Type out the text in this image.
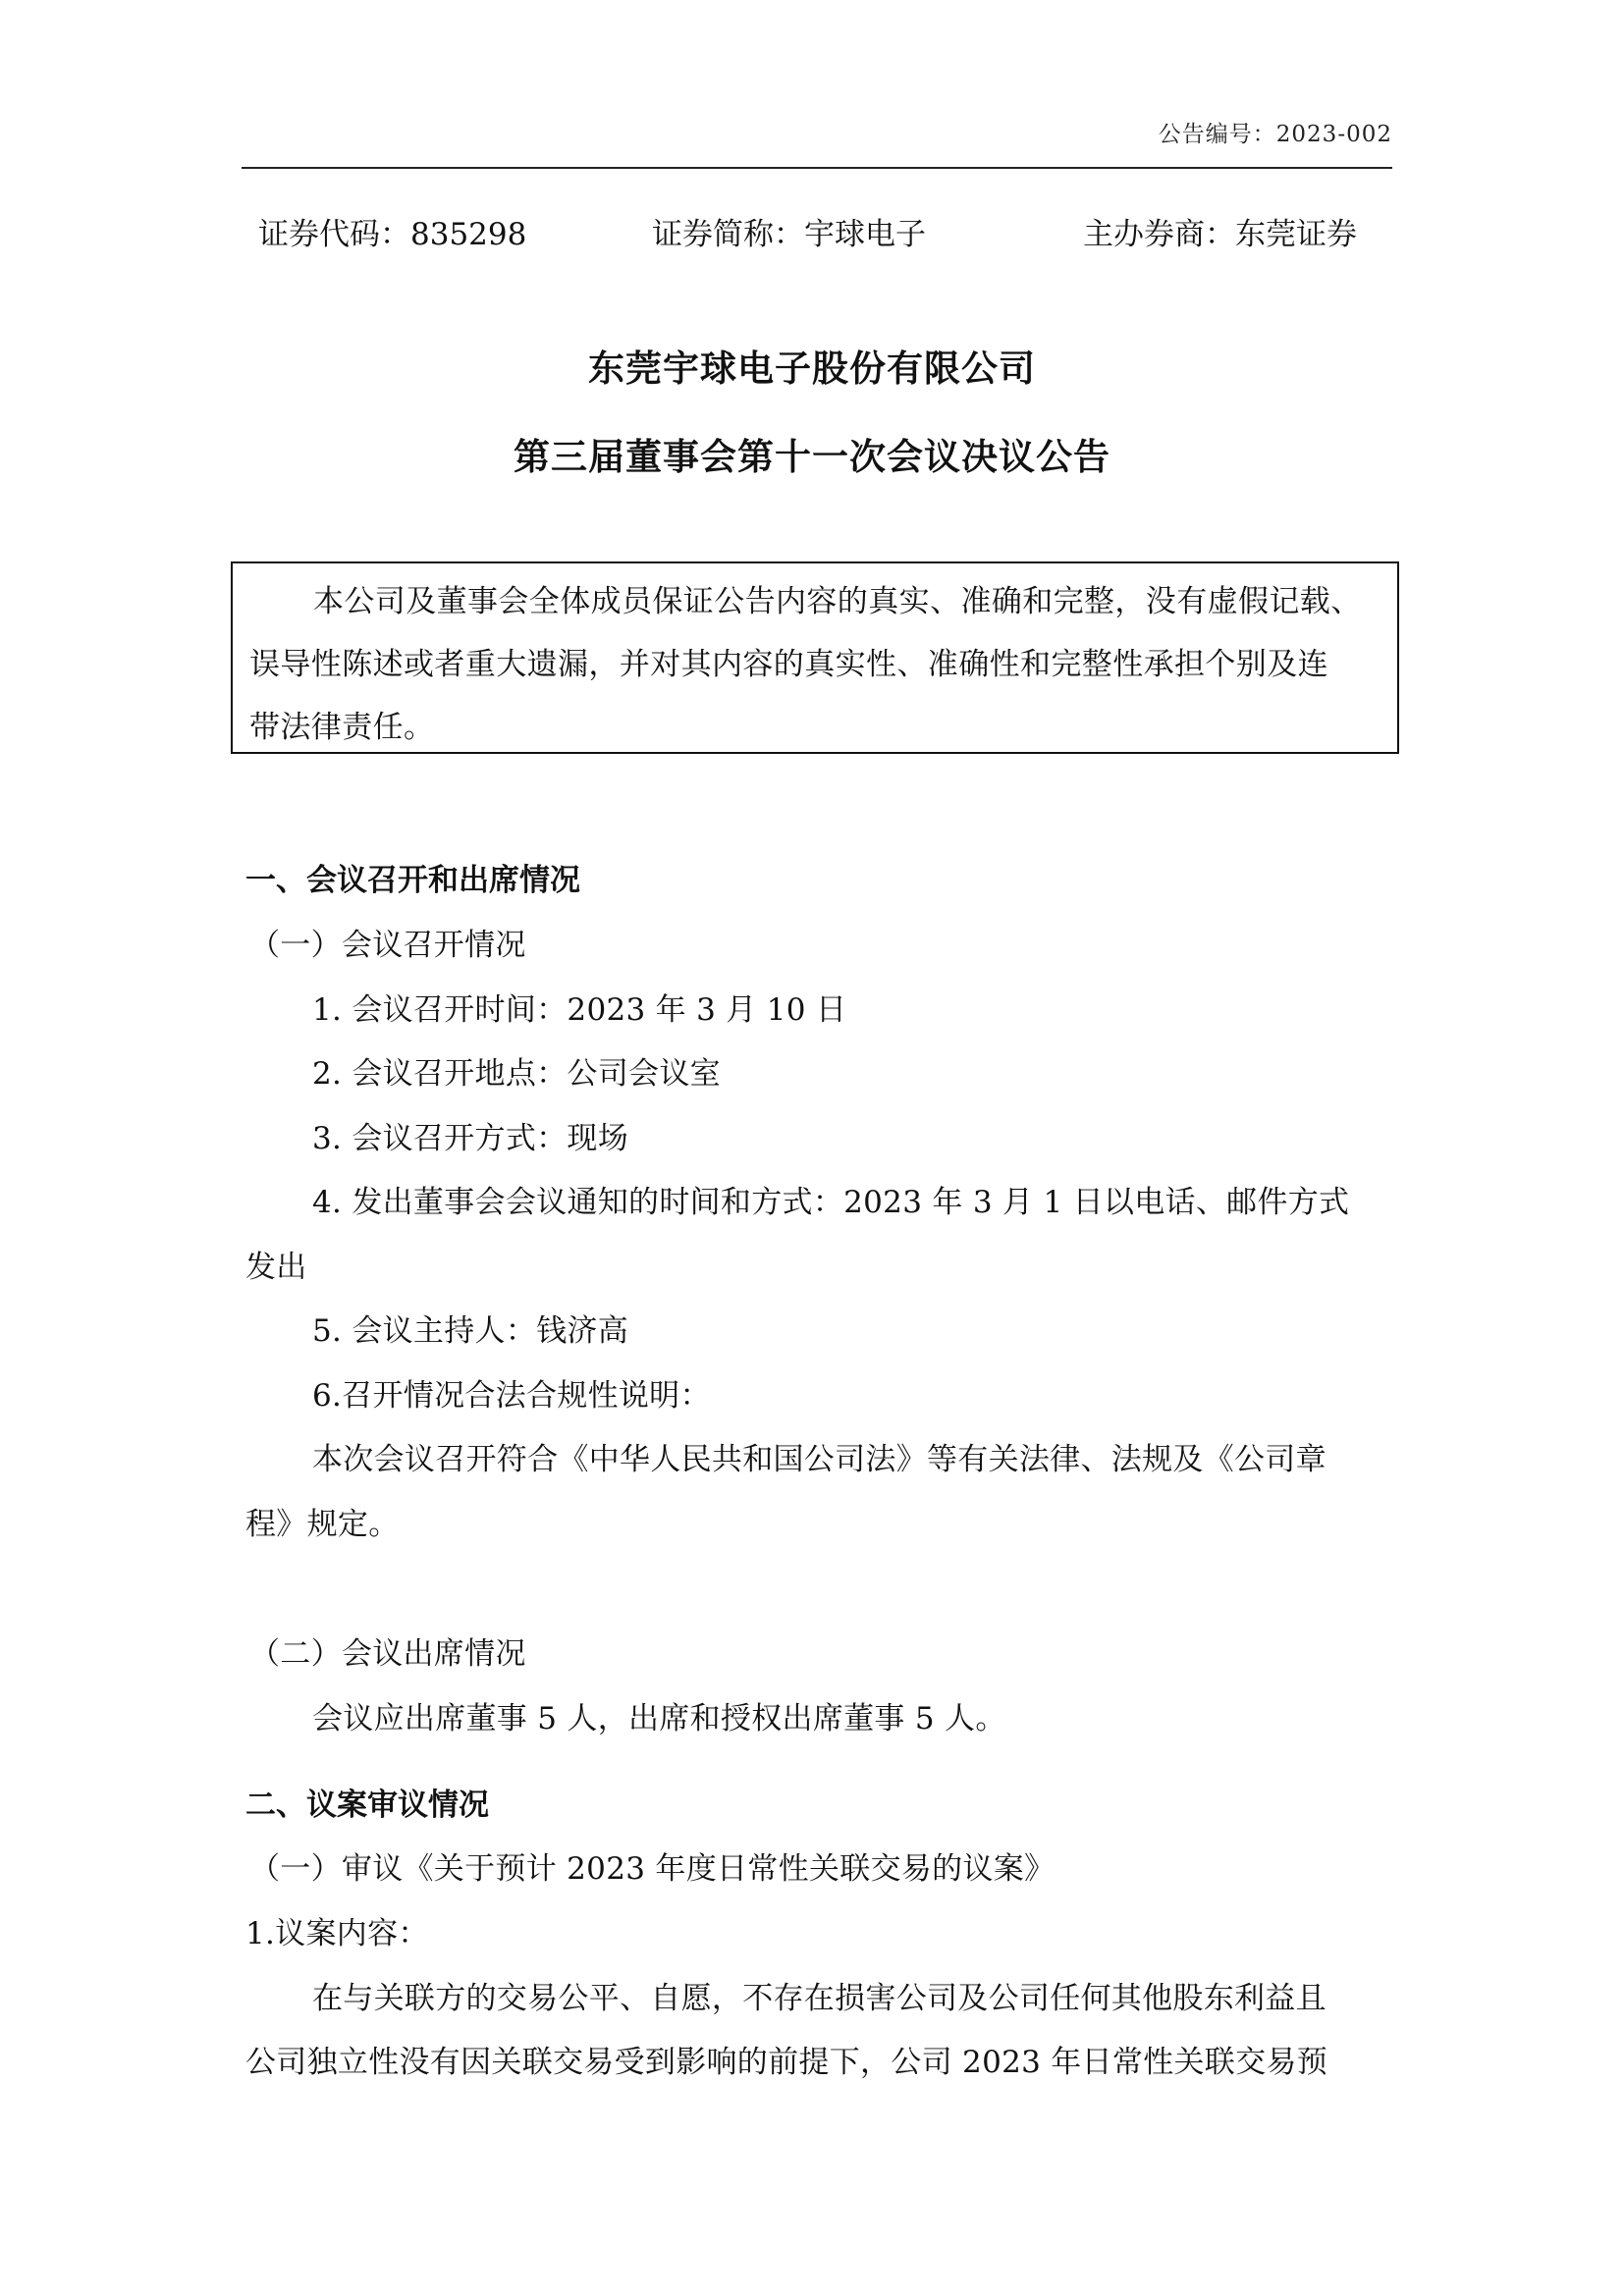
公告编号：2023-002
证券代码：835298	证券简称：宇球电子	主办券商：东莞证券
东莞宇球电子股份有限公司
第三届董事会第十一次会议决议公告
本公司及董事会全体成员保证公告内容的真实、准确和完整，没有虚假记载、
误导性陈述或者重大遗漏，并对其内容的真实性、准确性和完整性承担个别及连
带法律责任。
一、会议召开和出席情况
（一）会议召开情况
1. 会议召开时间：2023 年 3 月 10 日
2. 会议召开地点：公司会议室
3. 会议召开方式：现场
4. 发出董事会会议通知的时间和方式：2023 年 3 月 1 日以电话、邮件方式
发出
5. 会议主持人：钱济高
6.召开情况合法合规性说明：
本次会议召开符合《中华人民共和国公司法》等有关法律、法规及《公司章
程》规定。
（二）会议出席情况
会议应出席董事 5 人，出席和授权出席董事 5 人。
二、议案审议情况
（一）审议《关于预计 2023 年度日常性关联交易的议案》
1.议案内容：
在与关联方的交易公平、自愿，不存在损害公司及公司任何其他股东利益且
公司独立性没有因关联交易受到影响的前提下，公司 2023 年日常性关联交易预
